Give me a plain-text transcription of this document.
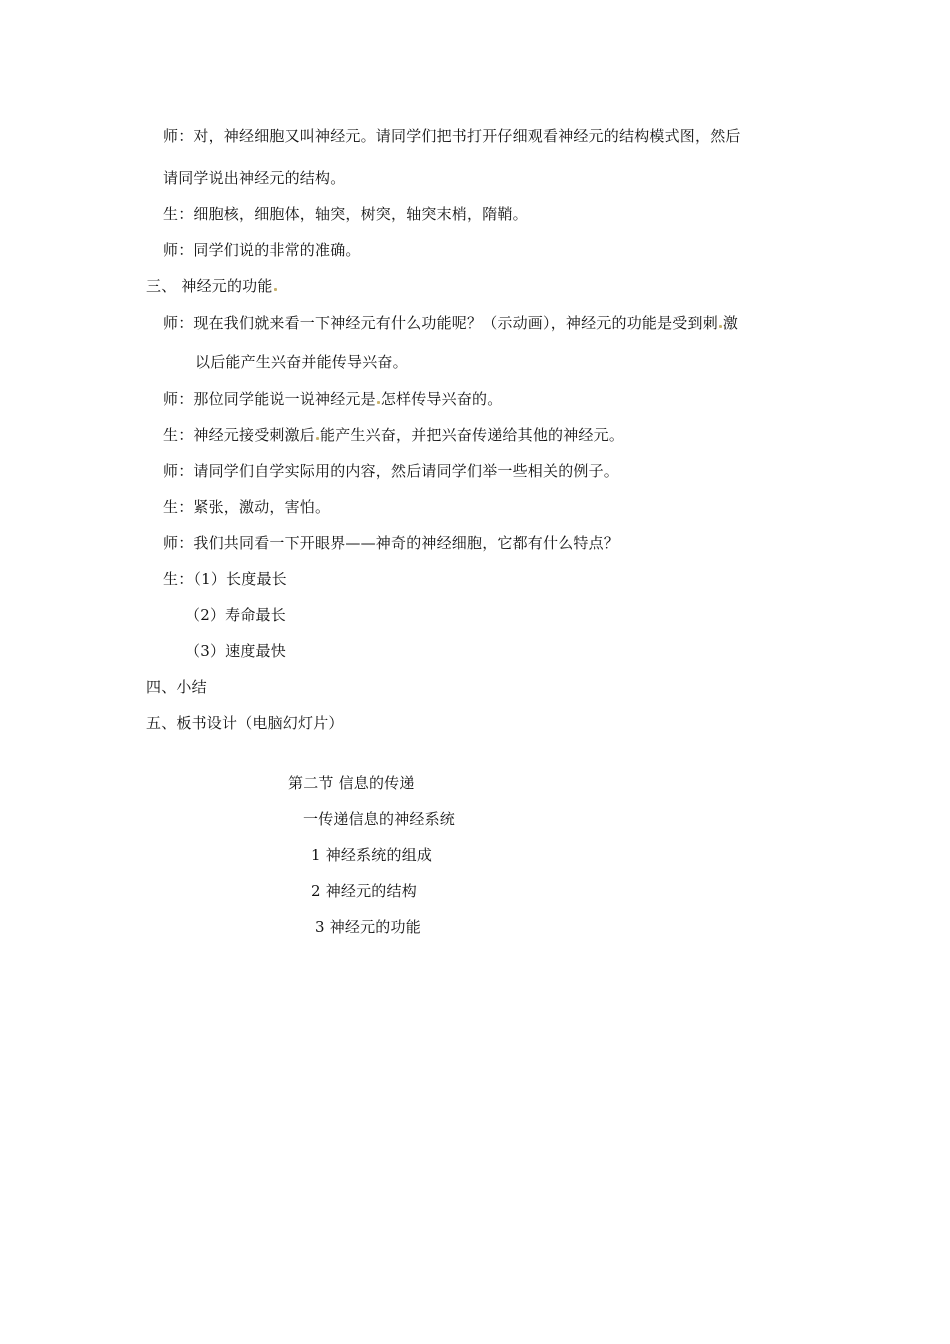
师：对，神经细胞又叫神经元。请同学们把书打开仔细观看神经元的结构模式图，然后
请同学说出神经元的结构。
生：细胞核，细胞体，轴突，树突，轴突末梢，隋鞘。
师：同学们说的非常的准确。
三、 神经元的功能
师：现在我们就来看一下神经元有什么功能呢？（示动画），神经元的功能是受到刺 激
以后能产生兴奋并能传导兴奋。
师：那位同学能说一说神经元是 怎样传导兴奋的。
生：神经元接受刺激后 能产生兴奋，并把兴奋传递给其他的神经元。
师：请同学们自学实际用的内容，然后请同学们举一些相关的例子。
生：紧张，激动，害怕。
师：我们共同看一下开眼界——神奇的神经细胞，它都有什么特点？
生：（1）长度最长
（2）寿命最长
（3）速度最快
四、小结
五、板书设计（电脑幻灯片）
第二节 信息的传递
一传递信息的神经系统
1 神经系统的组成
2 神经元的结构
3 神经元的功能
